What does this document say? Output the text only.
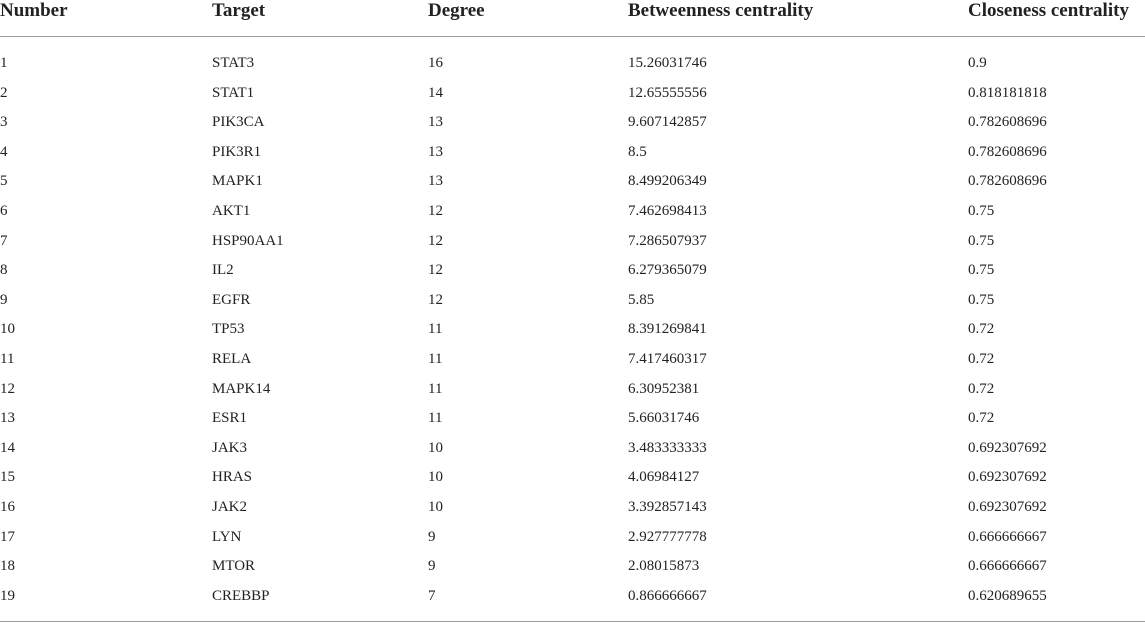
Number	Target	Degree	Betweenness centrality	Closeness centrality
1	STAT3	16	15.26031746	0.9
2	STAT1	14	12.65555556	0.818181818
3	PIK3CA	13	9.607142857	0.782608696
4	PIK3R1	13	8.5	0.782608696
5	MAPK1	13	8.499206349	0.782608696
6	AKT1	12	7.462698413	0.75
7	HSP90AA1	12	7.286507937	0.75
8	IL2	12	6.279365079	0.75
9	EGFR	12	5.85	0.75
10	TP53	11	8.391269841	0.72
11	RELA	11	7.417460317	0.72
12	MAPK14	11	6.30952381	0.72
13	ESR1	11	5.66031746	0.72
14	JAK3	10	3.483333333	0.692307692
15	HRAS	10	4.06984127	0.692307692
16	JAK2	10	3.392857143	0.692307692
17	LYN	9	2.927777778	0.666666667
18	MTOR	9	2.08015873	0.666666667
19	CREBBP	7	0.866666667	0.620689655
